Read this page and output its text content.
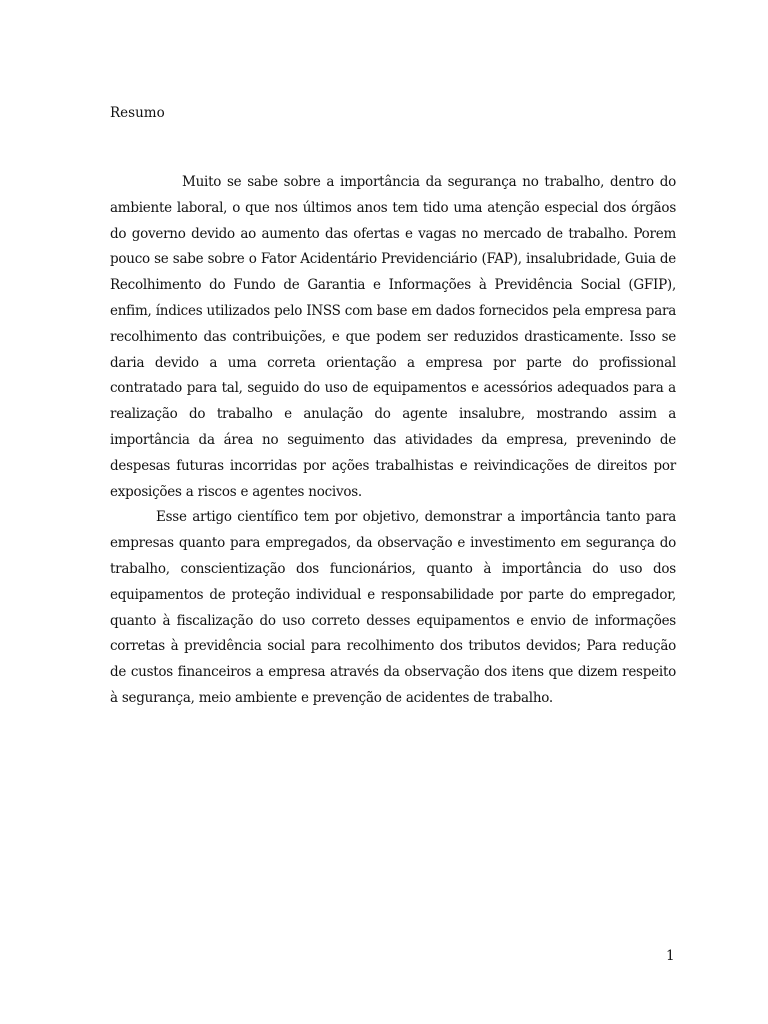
Resumo

Muito se sabe sobre a importância da segurança no trabalho, dentro do ambiente laboral, o que nos últimos anos tem tido uma atenção especial dos órgãos do governo devido ao aumento das ofertas e vagas no mercado de trabalho. Porem pouco se sabe sobre o Fator Acidentário Previdenciário (FAP), insalubridade, Guia de Recolhimento do Fundo de Garantia e Informações à Previdência Social (GFIP), enfim, índices utilizados pelo INSS com base em dados fornecidos pela empresa para recolhimento das contribuições, e que podem ser reduzidos drasticamente. Isso se daria devido a uma correta orientação a empresa por parte do profissional contratado para tal, seguido do uso de equipamentos e acessórios adequados para a realização do trabalho e anulação do agente insalubre, mostrando assim a importância da área no seguimento das atividades da empresa, prevenindo de despesas futuras incorridas por ações trabalhistas e reivindicações de direitos por exposições a riscos e agentes nocivos.

Esse artigo científico tem por objetivo, demonstrar a importância tanto para empresas quanto para empregados, da observação e investimento em segurança do trabalho, conscientização dos funcionários, quanto à importância do uso dos equipamentos de proteção individual e responsabilidade por parte do empregador, quanto à fiscalização do uso correto desses equipamentos e envio de informações corretas à previdência social para recolhimento dos tributos devidos; Para redução de custos financeiros a empresa através da observação dos itens que dizem respeito à segurança, meio ambiente e prevenção de acidentes de trabalho.

1
